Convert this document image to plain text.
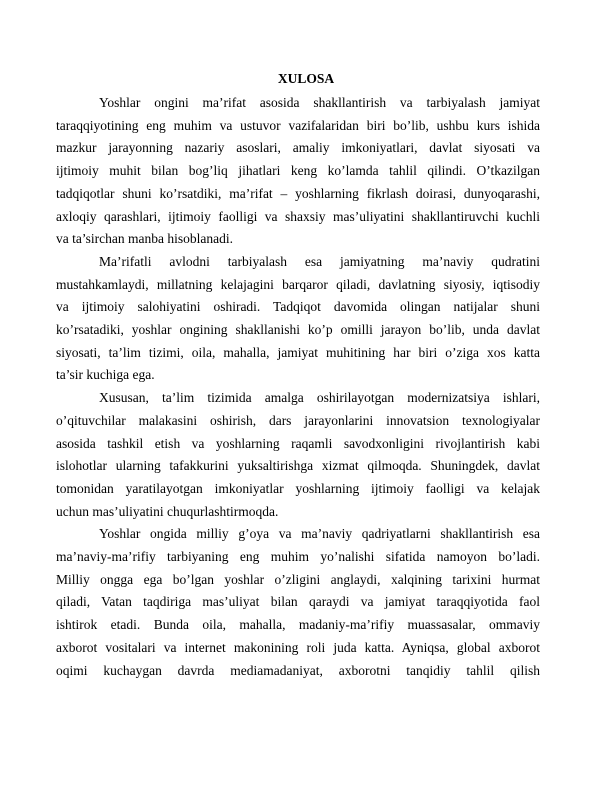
XULOSA

Yoshlar ongini ma’rifat asosida shakllantirish va tarbiyalash jamiyat
taraqqiyotining eng muhim va ustuvor vazifalaridan biri bo’lib, ushbu kurs ishida
mazkur jarayonning nazariy asoslari, amaliy imkoniyatlari, davlat siyosati va
ijtimoiy muhit bilan bog’liq jihatlari keng ko’lamda tahlil qilindi. O’tkazilgan
tadqiqotlar shuni ko’rsatdiki, ma’rifat – yoshlarning fikrlash doirasi, dunyoqarashi,
axloqiy qarashlari, ijtimoiy faolligi va shaxsiy mas’uliyatini shakllantiruvchi kuchli
va ta’sirchan manba hisoblanadi.

Ma’rifatli avlodni tarbiyalash esa jamiyatning ma’naviy qudratini
mustahkamlaydi, millatning kelajagini barqaror qiladi, davlatning siyosiy, iqtisodiy
va ijtimoiy salohiyatini oshiradi. Tadqiqot davomida olingan natijalar shuni
ko’rsatadiki, yoshlar ongining shakllanishi ko’p omilli jarayon bo’lib, unda davlat
siyosati, ta’lim tizimi, oila, mahalla, jamiyat muhitining har biri o’ziga xos katta
ta’sir kuchiga ega.

Xususan, ta’lim tizimida amalga oshirilayotgan modernizatsiya ishlari,
o’qituvchilar malakasini oshirish, dars jarayonlarini innovatsion texnologiyalar
asosida tashkil etish va yoshlarning raqamli savodxonligini rivojlantirish kabi
islohotlar ularning tafakkurini yuksaltirishga xizmat qilmoqda. Shuningdek, davlat
tomonidan yaratilayotgan imkoniyatlar yoshlarning ijtimoiy faolligi va kelajak
uchun mas’uliyatini chuqurlashtirmoqda.

Yoshlar ongida milliy g’oya va ma’naviy qadriyatlarni shakllantirish esa
ma’naviy-ma’rifiy tarbiyaning eng muhim yo’nalishi sifatida namoyon bo’ladi.
Milliy ongga ega bo’lgan yoshlar o’zligini anglaydi, xalqining tarixini hurmat
qiladi, Vatan taqdiriga mas’uliyat bilan qaraydi va jamiyat taraqqiyotida faol
ishtirok etadi. Bunda oila, mahalla, madaniy-ma’rifiy muassasalar, ommaviy
axborot vositalari va internet makonining roli juda katta. Ayniqsa, global axborot
oqimi kuchaygan davrda mediamadaniyat, axborotni tanqidiy tahlil qilish
